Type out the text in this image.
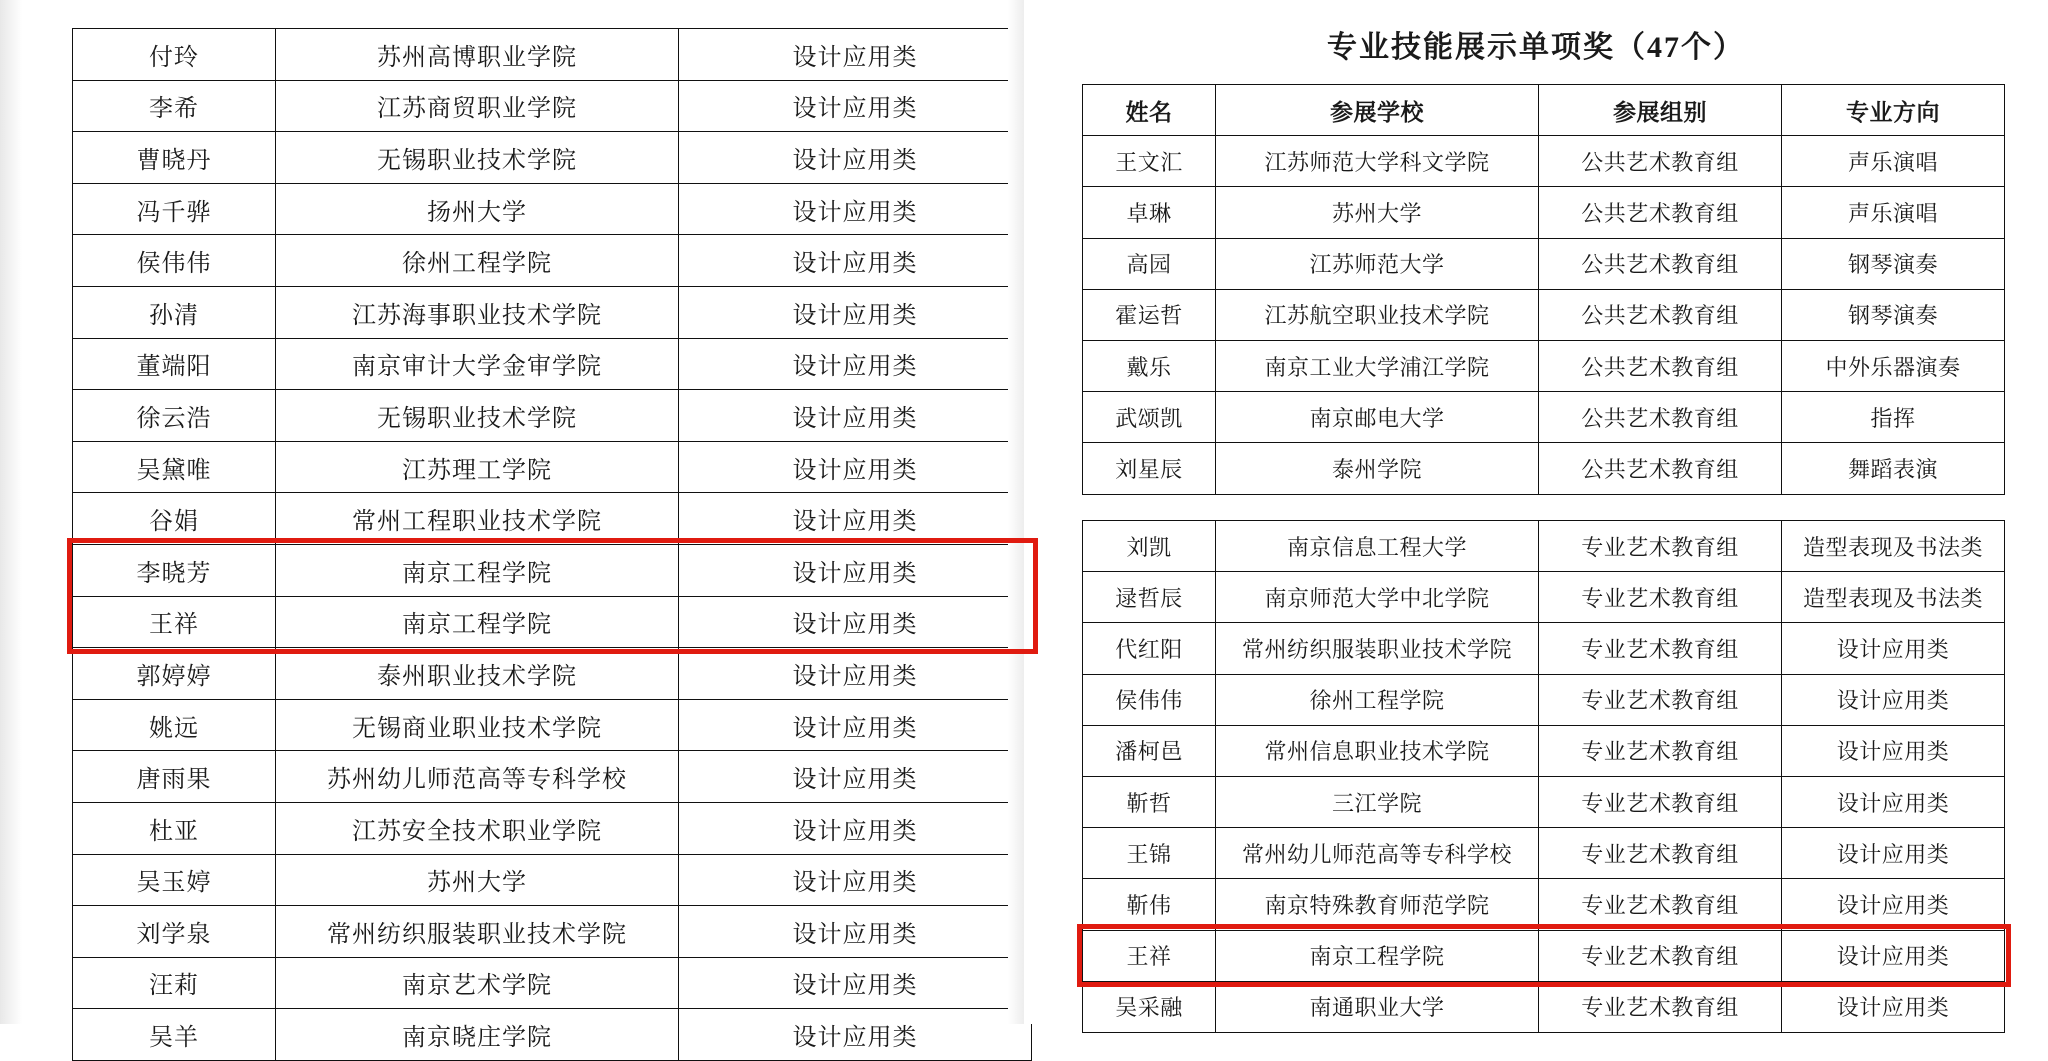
付玲	苏州高博职业学院	设计应用类
李希	江苏商贸职业学院	设计应用类
曹晓丹	无锡职业技术学院	设计应用类
冯千骅	扬州大学	设计应用类
侯伟伟	徐州工程学院	设计应用类
孙清	江苏海事职业技术学院	设计应用类
董端阳	南京审计大学金审学院	设计应用类
徐云浩	无锡职业技术学院	设计应用类
吴黛唯	江苏理工学院	设计应用类
谷娟	常州工程职业技术学院	设计应用类
李晓芳	南京工程学院	设计应用类
王祥	南京工程学院	设计应用类
郭婷婷	泰州职业技术学院	设计应用类
姚远	无锡商业职业技术学院	设计应用类
唐雨果	苏州幼儿师范高等专科学校	设计应用类
杜亚	江苏安全技术职业学院	设计应用类
吴玉婷	苏州大学	设计应用类
刘学泉	常州纺织服装职业技术学院	设计应用类
汪莉	南京艺术学院	设计应用类
吴羊	南京晓庄学院	设计应用类
专业技能展示单项奖（47个）
姓名	参展学校	参展组别	专业方向
王文汇	江苏师范大学科文学院	公共艺术教育组	声乐演唱
卓琳	苏州大学	公共艺术教育组	声乐演唱
高园	江苏师范大学	公共艺术教育组	钢琴演奏
霍运哲	江苏航空职业技术学院	公共艺术教育组	钢琴演奏
戴乐	南京工业大学浦江学院	公共艺术教育组	中外乐器演奏
武颂凯	南京邮电大学	公共艺术教育组	指挥
刘星辰	泰州学院	公共艺术教育组	舞蹈表演
刘凯	南京信息工程大学	专业艺术教育组	造型表现及书法类
逯哲辰	南京师范大学中北学院	专业艺术教育组	造型表现及书法类
代红阳	常州纺织服装职业技术学院	专业艺术教育组	设计应用类
侯伟伟	徐州工程学院	专业艺术教育组	设计应用类
潘柯邑	常州信息职业技术学院	专业艺术教育组	设计应用类
靳哲	三江学院	专业艺术教育组	设计应用类
王锦	常州幼儿师范高等专科学校	专业艺术教育组	设计应用类
靳伟	南京特殊教育师范学院	专业艺术教育组	设计应用类
王祥	南京工程学院	专业艺术教育组	设计应用类
吴采融	南通职业大学	专业艺术教育组	设计应用类
